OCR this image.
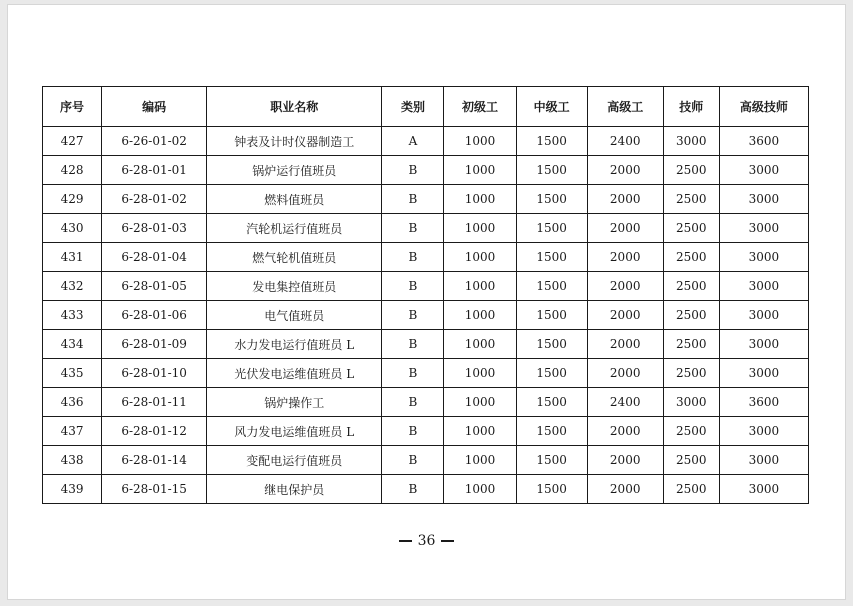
序号	编码	职业名称	类别	初级工	中级工	高级工	技师	高级技师
427	6-26-01-02	钟表及计时仪器制造工	A	1000	1500	2400	3000	3600
428	6-28-01-01	锅炉运行值班员	B	1000	1500	2000	2500	3000
429	6-28-01-02	燃料值班员	B	1000	1500	2000	2500	3000
430	6-28-01-03	汽轮机运行值班员	B	1000	1500	2000	2500	3000
431	6-28-01-04	燃气轮机值班员	B	1000	1500	2000	2500	3000
432	6-28-01-05	发电集控值班员	B	1000	1500	2000	2500	3000
433	6-28-01-06	电气值班员	B	1000	1500	2000	2500	3000
434	6-28-01-09	水力发电运行值班员 L	B	1000	1500	2000	2500	3000
435	6-28-01-10	光伏发电运维值班员 L	B	1000	1500	2000	2500	3000
436	6-28-01-11	锅炉操作工	B	1000	1500	2400	3000	3600
437	6-28-01-12	风力发电运维值班员 L	B	1000	1500	2000	2500	3000
438	6-28-01-14	变配电运行值班员	B	1000	1500	2000	2500	3000
439	6-28-01-15	继电保护员	B	1000	1500	2000	2500	3000
36
